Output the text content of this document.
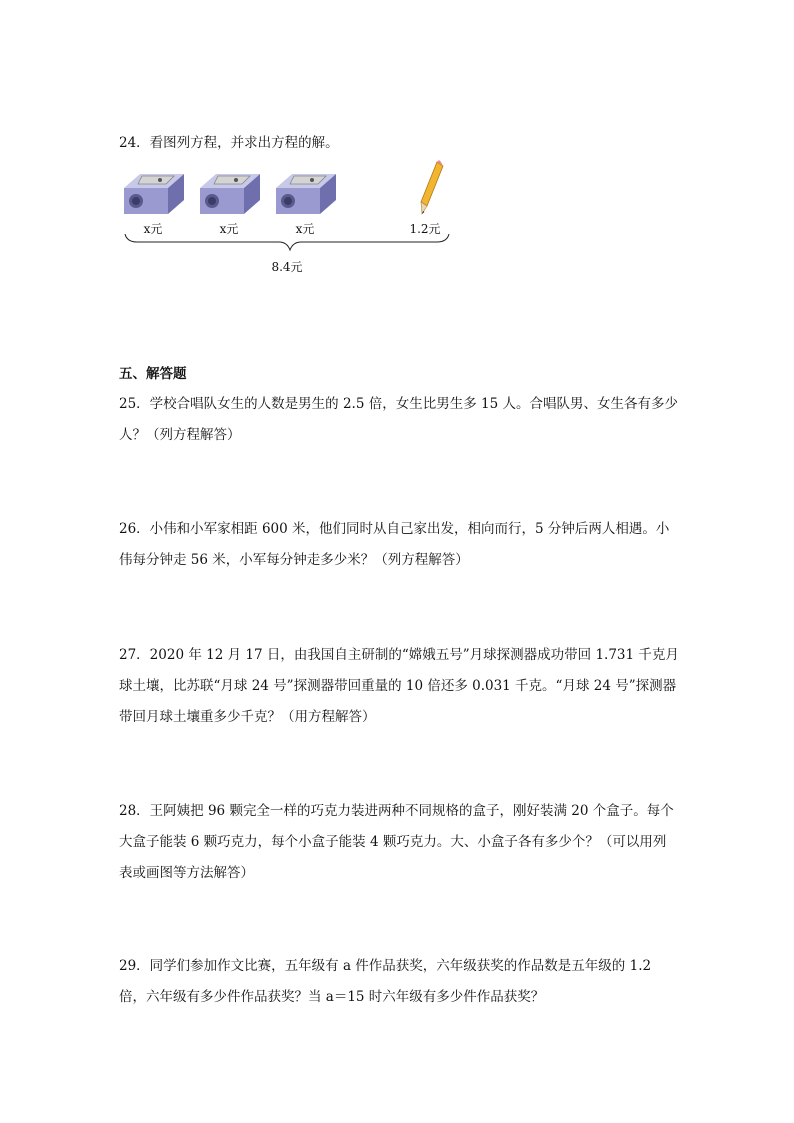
24．看图列方程，并求出方程的解。

x元	x元	x元	1.2元
8.4元

五、解答题

25．学校合唱队女生的人数是男生的 2.5 倍，女生比男生多 15 人。合唱队男、女生各有多少人？（列方程解答）

26．小伟和小军家相距 600 米，他们同时从自己家出发，相向而行，5 分钟后两人相遇。小伟每分钟走 56 米，小军每分钟走多少米？（列方程解答）

27．2020 年 12 月 17 日，由我国自主研制的“嫦娥五号”月球探测器成功带回 1.731 千克月球土壤，比苏联“月球 24 号”探测器带回重量的 10 倍还多 0.031 千克。“月球 24 号”探测器带回月球土壤重多少千克？（用方程解答）

28．王阿姨把 96 颗完全一样的巧克力装进两种不同规格的盒子，刚好装满 20 个盒子。每个大盒子能装 6 颗巧克力，每个小盒子能装 4 颗巧克力。大、小盒子各有多少个？（可以用列表或画图等方法解答）

29．同学们参加作文比赛，五年级有 a 件作品获奖，六年级获奖的作品数是五年级的 1.2 倍，六年级有多少件作品获奖？当 a＝15 时六年级有多少件作品获奖？
